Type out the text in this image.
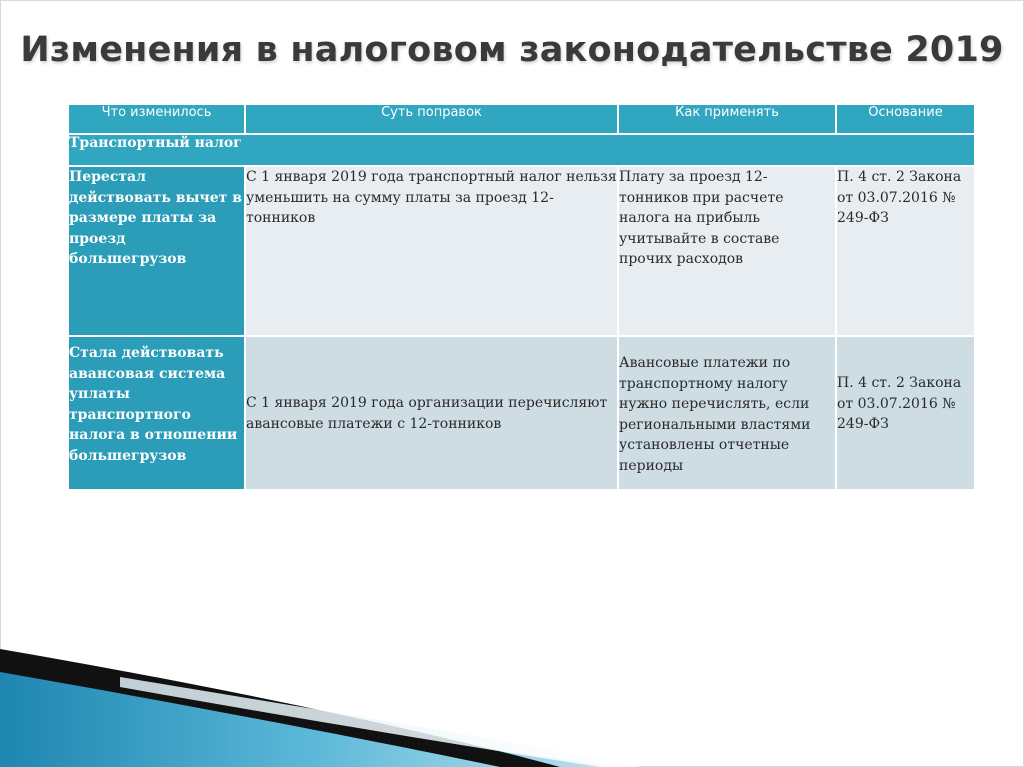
Изменения в налоговом законодательстве 2019
Что изменилось	Суть поправок	Как применять	Основание
Транспортный налог			
Перестал действовать вычет в размере платы за проезд большегрузов	С 1 января 2019 года транспортный налог нельзя уменьшить на сумму платы за проезд 12-тонников	Плату за проезд 12-тонников при расчете налога на прибыль учитывайте в составе прочих расходов	П. 4 ст. 2 Закона от 03.07.2016 № 249-ФЗ
Стала действовать авансовая система уплаты транспортного налога в отношении большегрузов	С 1 января 2019 года организации перечисляют авансовые платежи с 12-тонников	Авансовые платежи по транспортному налогу нужно перечислять, если региональными властями установлены отчетные периоды	П. 4 ст. 2 Закона от 03.07.2016 № 249-ФЗ
